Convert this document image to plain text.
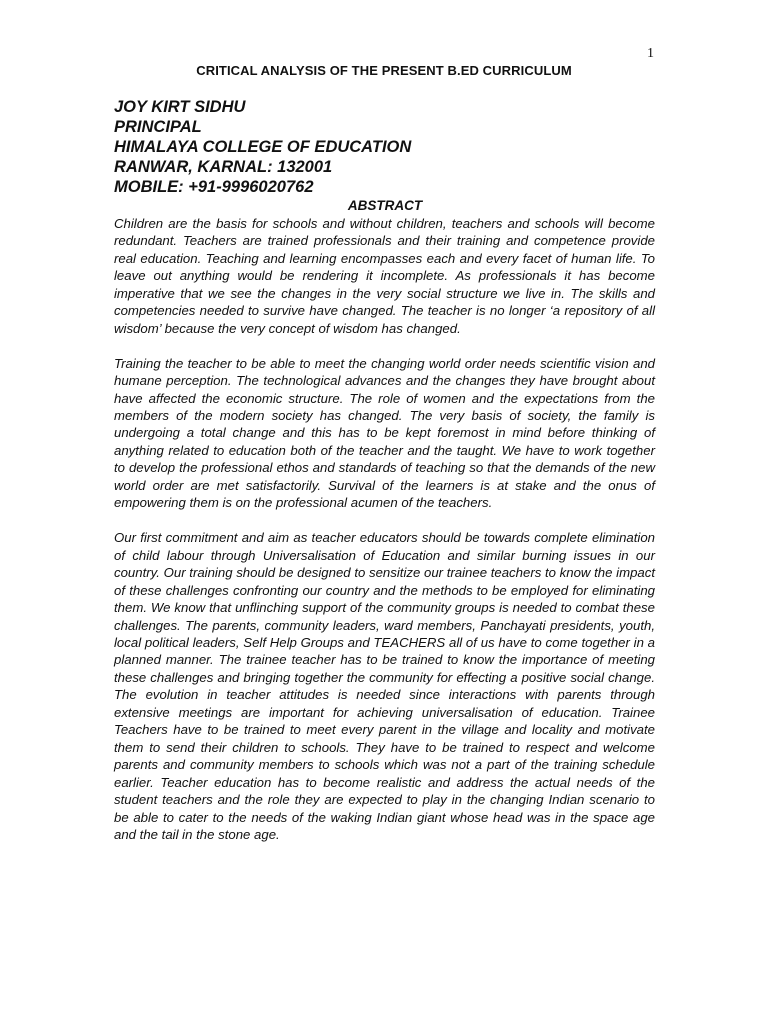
1
CRITICAL ANALYSIS OF THE PRESENT B.ED CURRICULUM
JOY KIRT SIDHU
PRINCIPAL
HIMALAYA COLLEGE OF EDUCATION
RANWAR, KARNAL: 132001
MOBILE: +91-9996020762
ABSTRACT

Children are the basis for schools and without children, teachers and schools will become redundant. Teachers are trained professionals and their training and competence provide real education. Teaching and learning encompasses each and every facet of human life. To leave out anything would be rendering it incomplete. As professionals it has become imperative that we see the changes in the very social structure we live in. The skills and competencies needed to survive have changed. The teacher is no longer ‘a repository of all wisdom’ because the very concept of wisdom has changed.

Training the teacher to be able to meet the changing world order needs scientific vision and humane perception. The technological advances and the changes they have brought about have affected the economic structure. The role of women and the expectations from the members of the modern society has changed. The very basis of society, the family is undergoing a total change and this has to be kept foremost in mind before thinking of anything related to education both of the teacher and the taught. We have to work together to develop the professional ethos and standards of teaching so that the demands of the new world order are met satisfactorily. Survival of the learners is at stake and the onus of empowering them is on the professional acumen of the teachers.

Our first commitment and aim as teacher educators should be towards complete elimination of child labour through Universalisation of Education and similar burning issues in our country. Our training should be designed to sensitize our trainee teachers to know the impact of these challenges confronting our country and the methods to be employed for eliminating them. We know that unflinching support of the community groups is needed to combat these challenges. The parents, community leaders, ward members, Panchayati presidents, youth, local political leaders, Self Help Groups and TEACHERS all of us have to come together in a planned manner. The trainee teacher has to be trained to know the importance of meeting these challenges and bringing together the community for effecting a positive social change. The evolution in teacher attitudes is needed since interactions with parents through extensive meetings are important for achieving universalisation of education. Trainee Teachers have to be trained to meet every parent in the village and locality and motivate them to send their children to schools. They have to be trained to respect and welcome parents and community members to schools which was not a part of the training schedule earlier. Teacher education has to become realistic and address the actual needs of the student teachers and the role they are expected to play in the changing Indian scenario to be able to cater to the needs of the waking Indian giant whose head was in the space age and the tail in the stone age.
